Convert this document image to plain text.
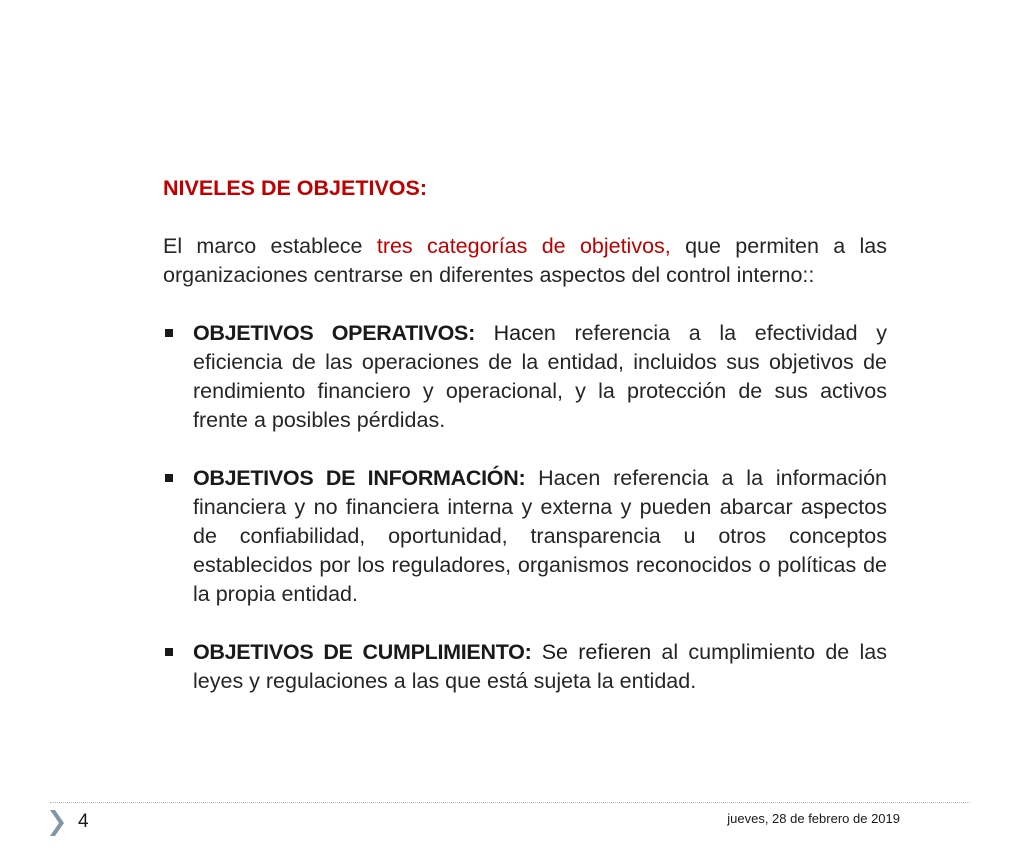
NIVELES DE OBJETIVOS:
El marco establece tres categorías de objetivos, que permiten a las organizaciones centrarse en diferentes aspectos del control interno::
OBJETIVOS OPERATIVOS: Hacen referencia a la efectividad y eficiencia de las operaciones de la entidad, incluidos sus objetivos de rendimiento financiero y operacional, y la protección de sus activos frente a posibles pérdidas.
OBJETIVOS DE INFORMACIÓN: Hacen referencia a la información financiera y no financiera interna y externa y pueden abarcar aspectos de confiabilidad, oportunidad, transparencia u otros conceptos establecidos por los reguladores, organismos reconocidos o políticas de la propia entidad.
OBJETIVOS DE CUMPLIMIENTO: Se refieren al cumplimiento de las leyes y regulaciones a las que está sujeta la entidad.
4	jueves, 28 de febrero de 2019
